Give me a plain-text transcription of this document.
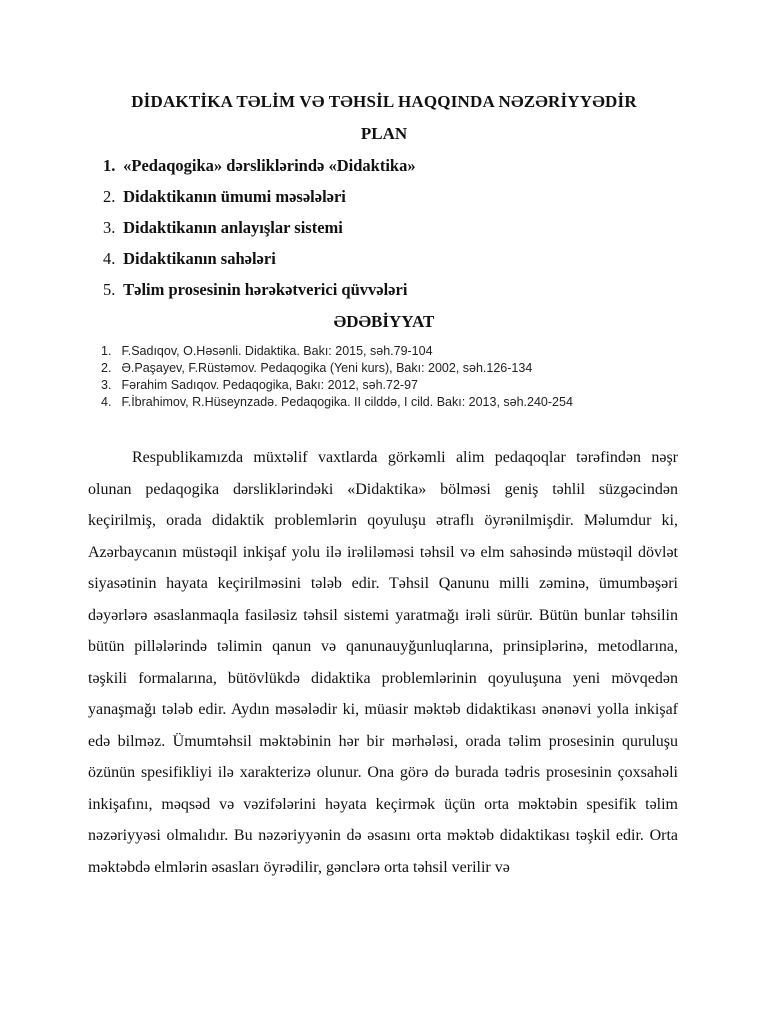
DİDAKTİKA TƏLİM VƏ TƏHSİL HAQQINDA NƏZƏRİYYƏDİR
PLAN
1. «Pedaqogika» dərsliklərində «Didaktika»
2. Didaktikanın ümumi məsələləri
3. Didaktikanın anlayışlar sistemi
4. Didaktikanın sahələri
5. Təlim prosesinin hərəkətverici qüvvələri
ƏDƏBİYYAT
1. F.Sadıqov, O.Həsənli. Didaktika. Bakı: 2015, səh.79-104
2. Ə.Paşayev, F.Rüstəmov. Pedaqogika (Yeni kurs), Bakı: 2002, səh.126-134
3. Fərahim Sadıqov. Pedaqogika, Bakı: 2012, səh.72-97
4. F.İbrahimov, R.Hüseynzadə. Pedaqogika. II cilddə, I cild. Bakı: 2013, səh.240-254

Respublikamızda müxtəlif vaxtlarda görkəmli alim pedaqoqlar tərəfindən nəşr olunan pedaqogika dərsliklərindəki «Didaktika» bölməsi geniş təhlil süzgəcindən keçirilmiş, orada didaktik problemlərin qoyuluşu ətraflı öyrənilmişdir. Məlumdur ki, Azərbaycanın müstəqil inkişaf yolu ilə irəliləməsi təhsil və elm sahəsində müstəqil dövlət siyasətinin hayata keçirilməsini tələb edir. Təhsil Qanunu milli zəminə, ümumbəşəri dəyərlərə əsaslanmaqla fasiləsiz təhsil sistemi yaratmağı irəli sürür. Bütün bunlar təhsilin bütün pillələrində təlimin qanun və qanunauyğunluqlarına, prinsiplərinə, metodlarına, təşkili formalarına, bütövlükdə didaktika problemlərinin qoyuluşuna yeni mövqedən yanaşmağı tələb edir. Aydın məsələdir ki, müasir məktəb didaktikası ənənəvi yolla inkişaf edə bilməz. Ümumtəhsil məktəbinin hər bir mərhələsi, orada təlim prosesinin quruluşu özünün spesifikliyi ilə xarakterizə olunur. Ona görə də burada tədris prosesinin çoxsahəli inkişafını, məqsəd və vəzifələrini həyata keçirmək üçün orta məktəbin spesifik təlim nəzəriyyəsi olmalıdır. Bu nəzəriyyənin də əsasını orta məktəb didaktikası təşkil edir. Orta məktəbdə elmlərin əsasları öyrədilir, gənclərə orta təhsil verilir və
